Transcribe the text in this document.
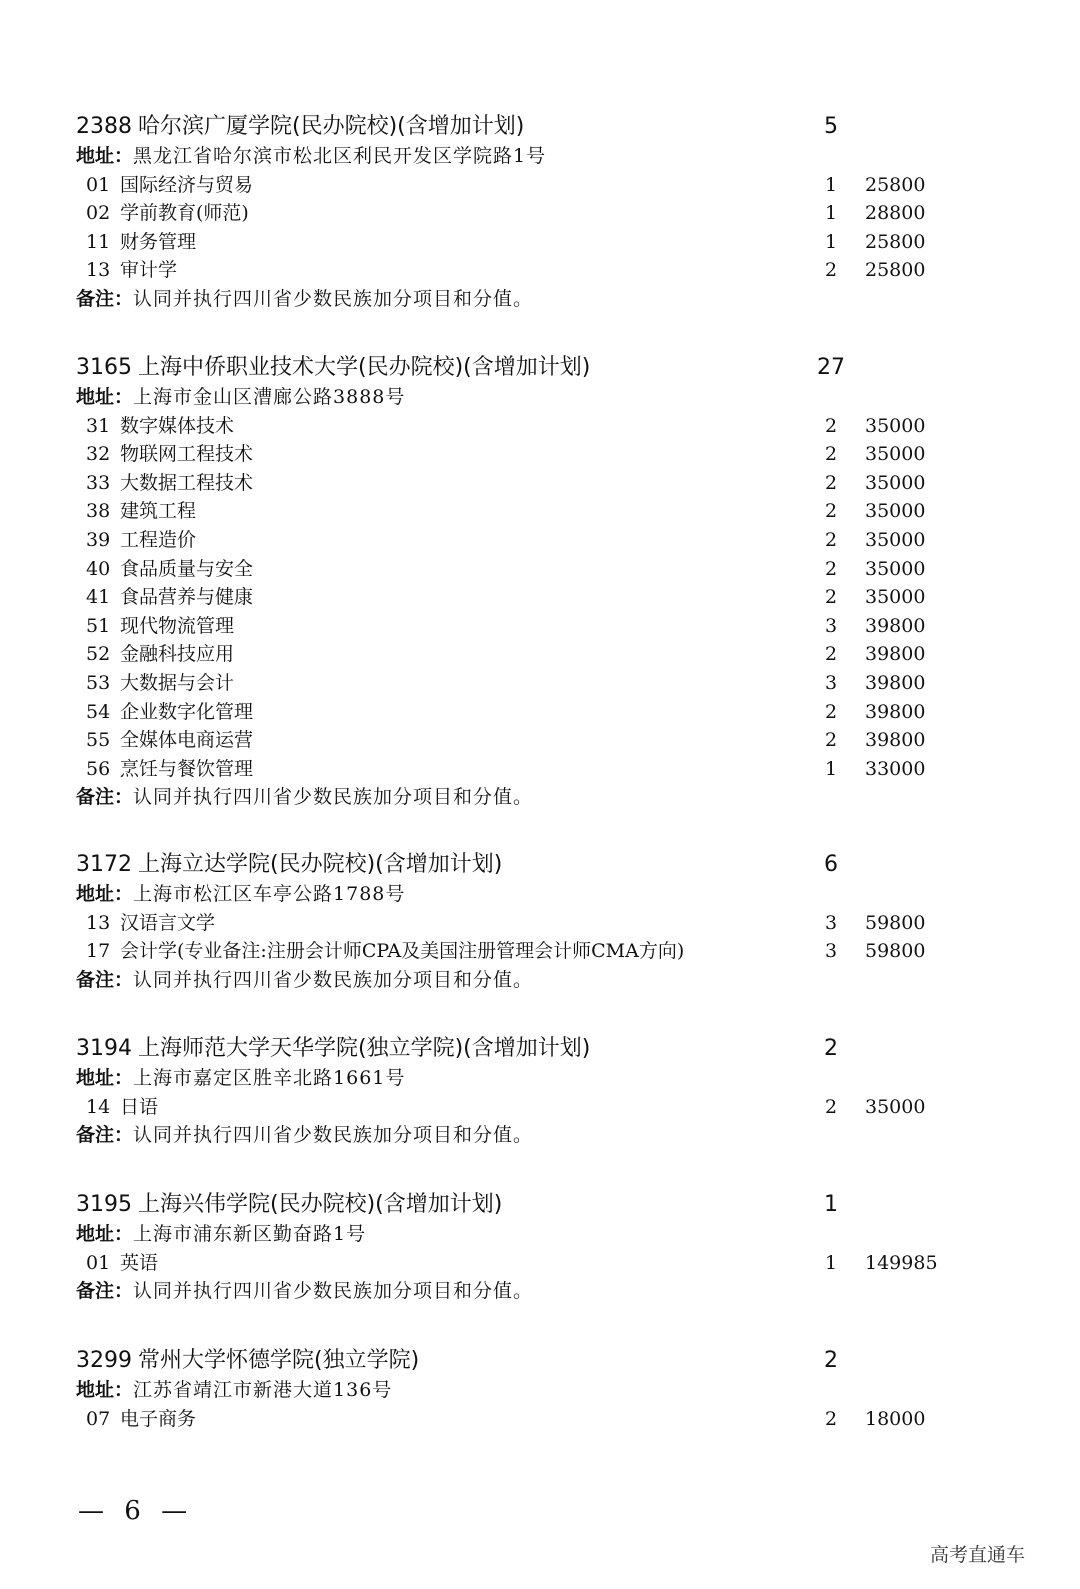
2388 哈尔滨广厦学院(民办院校)(含增加计划)	5
地址：黑龙江省哈尔滨市松北区利民开发区学院路1号
01 国际经济与贸易	1	25800
02 学前教育(师范)	1	28800
11 财务管理	1	25800
13 审计学	2	25800
备注：认同并执行四川省少数民族加分项目和分值。
3165 上海中侨职业技术大学(民办院校)(含增加计划)	27
地址：上海市金山区漕廊公路3888号
31 数字媒体技术	2	35000
32 物联网工程技术	2	35000
33 大数据工程技术	2	35000
38 建筑工程	2	35000
39 工程造价	2	35000
40 食品质量与安全	2	35000
41 食品营养与健康	2	35000
51 现代物流管理	3	39800
52 金融科技应用	2	39800
53 大数据与会计	3	39800
54 企业数字化管理	2	39800
55 全媒体电商运营	2	39800
56 烹饪与餐饮管理	1	33000
备注：认同并执行四川省少数民族加分项目和分值。
3172 上海立达学院(民办院校)(含增加计划)	6
地址：上海市松江区车亭公路1788号
13 汉语言文学	3	59800
17 会计学(专业备注:注册会计师CPA及美国注册管理会计师CMA方向)	3	59800
备注：认同并执行四川省少数民族加分项目和分值。
3194 上海师范大学天华学院(独立学院)(含增加计划)	2
地址：上海市嘉定区胜辛北路1661号
14 日语	2	35000
备注：认同并执行四川省少数民族加分项目和分值。
3195 上海兴伟学院(民办院校)(含增加计划)	1
地址：上海市浦东新区勤奋路1号
01 英语	1	149985
备注：认同并执行四川省少数民族加分项目和分值。
3299 常州大学怀德学院(独立学院)	2
地址：江苏省靖江市新港大道136号
07 电子商务	2	18000
— 6 —
高考直通车
